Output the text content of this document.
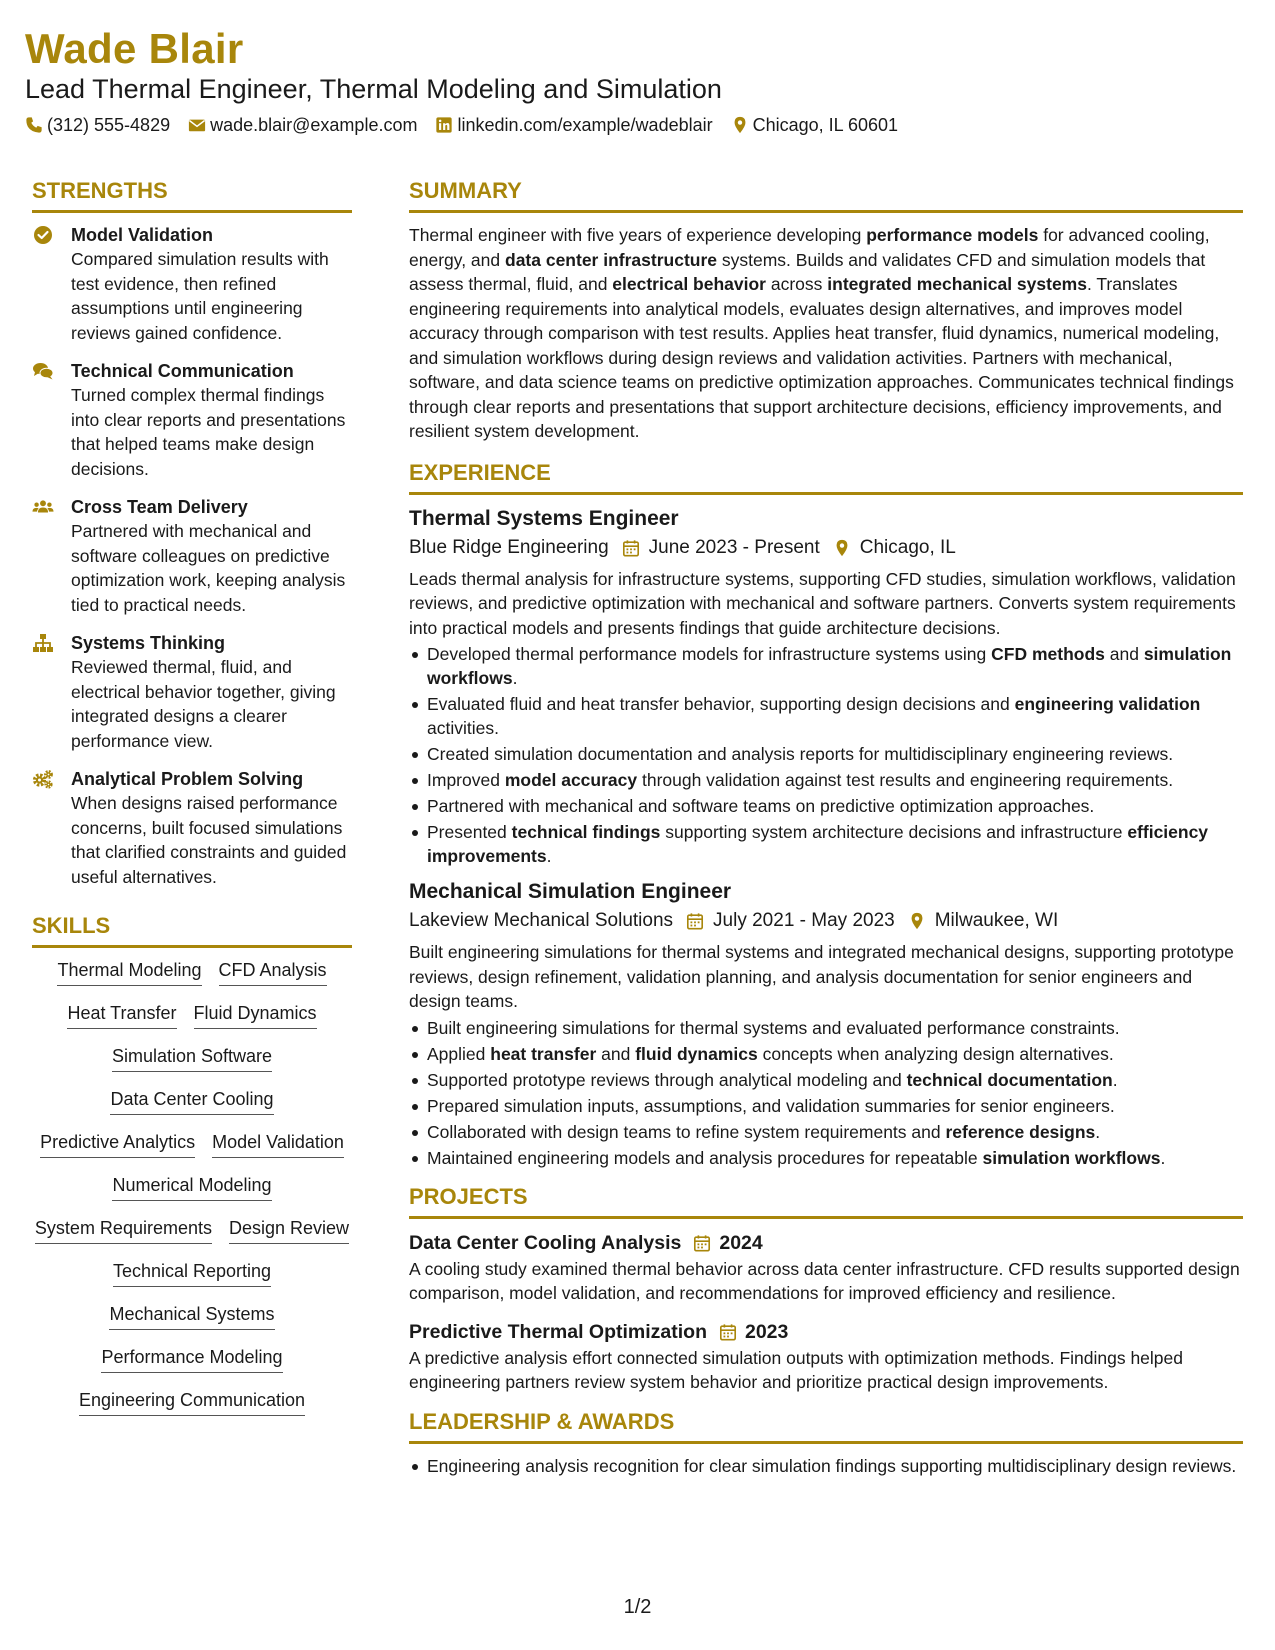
Wade Blair
Lead Thermal Engineer, Thermal Modeling and Simulation
(312) 555-4829 wade.blair@example.com linkedin.com/example/wadeblair Chicago, IL 60601
STRENGTHS
Model Validation
Compared simulation results with test evidence, then refined assumptions until engineering reviews gained confidence.
Technical Communication
Turned complex thermal findings into clear reports and presentations that helped teams make design decisions.
Cross Team Delivery
Partnered with mechanical and software colleagues on predictive optimization work, keeping analysis tied to practical needs.
Systems Thinking
Reviewed thermal, fluid, and electrical behavior together, giving integrated designs a clearer performance view.
Analytical Problem Solving
When designs raised performance concerns, built focused simulations that clarified constraints and guided useful alternatives.
SKILLS
Thermal Modeling CFD Analysis
Heat Transfer Fluid Dynamics
Simulation Software
Data Center Cooling
Predictive Analytics Model Validation
Numerical Modeling
System Requirements Design Review
Technical Reporting
Mechanical Systems
Performance Modeling
Engineering Communication
SUMMARY
Thermal engineer with five years of experience developing performance models for advanced cooling, energy, and data center infrastructure systems. Builds and validates CFD and simulation models that assess thermal, fluid, and electrical behavior across integrated mechanical systems. Translates engineering requirements into analytical models, evaluates design alternatives, and improves model accuracy through comparison with test results. Applies heat transfer, fluid dynamics, numerical modeling, and simulation workflows during design reviews and validation activities. Partners with mechanical, software, and data science teams on predictive optimization approaches. Communicates technical findings through clear reports and presentations that support architecture decisions, efficiency improvements, and resilient system development.
EXPERIENCE
Thermal Systems Engineer
Blue Ridge Engineering June 2023 - Present Chicago, IL
Leads thermal analysis for infrastructure systems, supporting CFD studies, simulation workflows, validation reviews, and predictive optimization with mechanical and software partners. Converts system requirements into practical models and presents findings that guide architecture decisions.
Developed thermal performance models for infrastructure systems using CFD methods and simulation workflows.
Evaluated fluid and heat transfer behavior, supporting design decisions and engineering validation activities.
Created simulation documentation and analysis reports for multidisciplinary engineering reviews.
Improved model accuracy through validation against test results and engineering requirements.
Partnered with mechanical and software teams on predictive optimization approaches.
Presented technical findings supporting system architecture decisions and infrastructure efficiency improvements.
Mechanical Simulation Engineer
Lakeview Mechanical Solutions July 2021 - May 2023 Milwaukee, WI
Built engineering simulations for thermal systems and integrated mechanical designs, supporting prototype reviews, design refinement, validation planning, and analysis documentation for senior engineers and design teams.
Built engineering simulations for thermal systems and evaluated performance constraints.
Applied heat transfer and fluid dynamics concepts when analyzing design alternatives.
Supported prototype reviews through analytical modeling and technical documentation.
Prepared simulation inputs, assumptions, and validation summaries for senior engineers.
Collaborated with design teams to refine system requirements and reference designs.
Maintained engineering models and analysis procedures for repeatable simulation workflows.
PROJECTS
Data Center Cooling Analysis 2024
A cooling study examined thermal behavior across data center infrastructure. CFD results supported design comparison, model validation, and recommendations for improved efficiency and resilience.
Predictive Thermal Optimization 2023
A predictive analysis effort connected simulation outputs with optimization methods. Findings helped engineering partners review system behavior and prioritize practical design improvements.
LEADERSHIP & AWARDS
Engineering analysis recognition for clear simulation findings supporting multidisciplinary design reviews.
1/2
